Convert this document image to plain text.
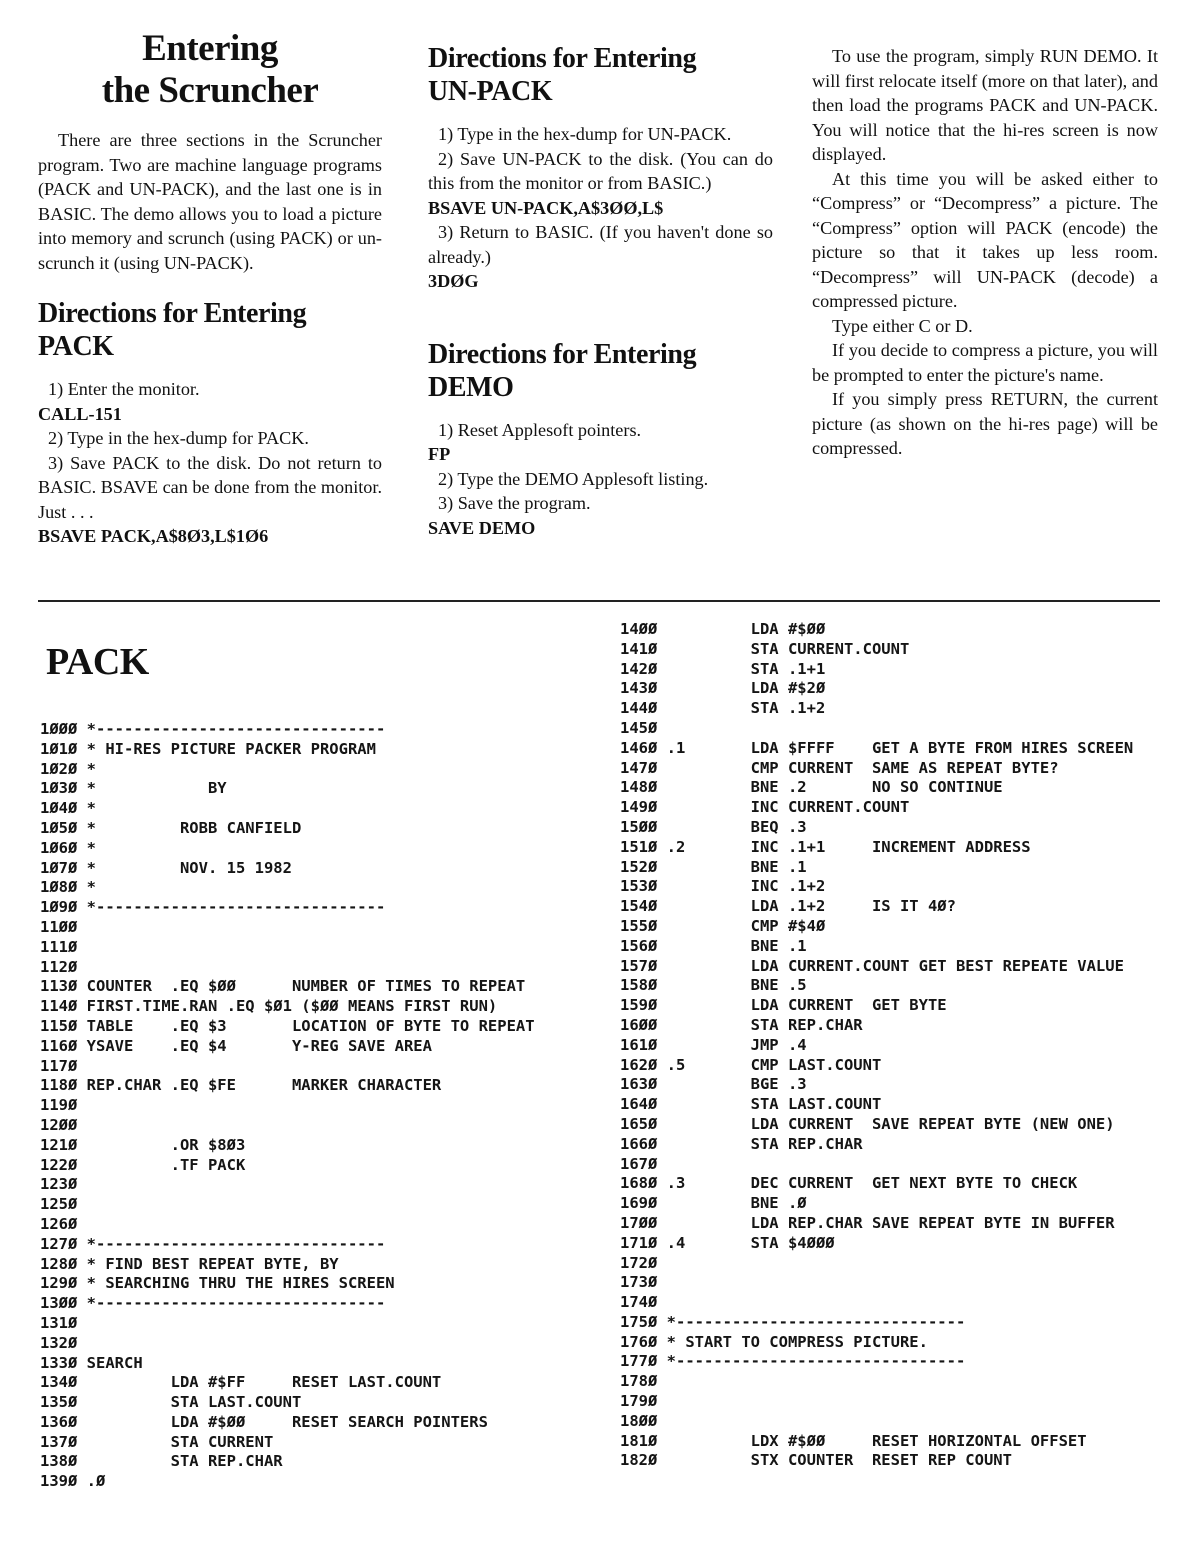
Entering
the Scruncher

There are three sections in the Scruncher program. Two are machine language programs (PACK and UN-PACK), and the last one is in BASIC. The demo allows you to load a picture into memory and scrunch (using PACK) or un-scrunch it (using UN-PACK).

Directions for Entering
PACK

1) Enter the monitor.

CALL-151

2) Type in the hex-dump for PACK.

3) Save PACK to the disk. Do not return to BASIC. BSAVE can be done from the monitor. Just . . .

BSAVE PACK,A$8Ø3,L$1Ø6
Directions for Entering
UN-PACK

1) Type in the hex-dump for UN-PACK.

2) Save UN-PACK to the disk. (You can do this from the monitor or from BASIC.)

BSAVE UN-PACK,A$3ØØ,L$

3) Return to BASIC. (If you haven't done so already.)

3DØG
Directions for Entering
DEMO

1) Reset Applesoft pointers.

FP

2) Type the DEMO Applesoft listing.

3) Save the program.

SAVE DEMO

To use the program, simply RUN DEMO. It will first relocate itself (more on that later), and then load the programs PACK and UN-PACK. You will notice that the hi-res screen is now displayed.

At this time you will be asked either to “Compress” or “Decompress” a picture. The “Compress” option will PACK (encode) the picture so that it takes up less room. “Decompress” will UN-PACK (decode) a compressed picture.

Type either C or D.

If you decide to compress a picture, you will be prompted to enter the picture's name.

If you simply press RETURN, the current picture (as shown on the hi-res page) will be compressed.

PACK
1ØØØ *-------------------------------
1Ø1Ø * HI-RES PICTURE PACKER PROGRAM
1Ø2Ø *
1Ø3Ø *            BY
1Ø4Ø *
1Ø5Ø *         ROBB CANFIELD
1Ø6Ø *
1Ø7Ø *         NOV. 15 1982
1Ø8Ø *
1Ø9Ø *-------------------------------
11ØØ
111Ø
112Ø
113Ø COUNTER  .EQ $ØØ      NUMBER OF TIMES TO REPEAT
114Ø FIRST.TIME.RAN .EQ $Ø1 ($ØØ MEANS FIRST RUN)
115Ø TABLE    .EQ $3       LOCATION OF BYTE TO REPEAT
116Ø YSAVE    .EQ $4       Y-REG SAVE AREA
117Ø
118Ø REP.CHAR .EQ $FE      MARKER CHARACTER
119Ø
12ØØ
121Ø          .OR $8Ø3
122Ø          .TF PACK
123Ø
125Ø
126Ø
127Ø *-------------------------------
128Ø * FIND BEST REPEAT BYTE, BY
129Ø * SEARCHING THRU THE HIRES SCREEN
13ØØ *-------------------------------
131Ø
132Ø
133Ø SEARCH
134Ø          LDA #$FF     RESET LAST.COUNT
135Ø          STA LAST.COUNT
136Ø          LDA #$ØØ     RESET SEARCH POINTERS
137Ø          STA CURRENT
138Ø          STA REP.CHAR
139Ø .Ø
14ØØ          LDA #$ØØ
141Ø          STA CURRENT.COUNT
142Ø          STA .1+1
143Ø          LDA #$2Ø
144Ø          STA .1+2
145Ø
146Ø .1       LDA $FFFF    GET A BYTE FROM HIRES SCREEN
147Ø          CMP CURRENT  SAME AS REPEAT BYTE?
148Ø          BNE .2       NO SO CONTINUE
149Ø          INC CURRENT.COUNT
15ØØ          BEQ .3
151Ø .2       INC .1+1     INCREMENT ADDRESS
152Ø          BNE .1
153Ø          INC .1+2
154Ø          LDA .1+2     IS IT 4Ø?
155Ø          CMP #$4Ø
156Ø          BNE .1
157Ø          LDA CURRENT.COUNT GET BEST REPEATE VALUE
158Ø          BNE .5
159Ø          LDA CURRENT  GET BYTE
16ØØ          STA REP.CHAR
161Ø          JMP .4
162Ø .5       CMP LAST.COUNT
163Ø          BGE .3
164Ø          STA LAST.COUNT
165Ø          LDA CURRENT  SAVE REPEAT BYTE (NEW ONE)
166Ø          STA REP.CHAR
167Ø
168Ø .3       DEC CURRENT  GET NEXT BYTE TO CHECK
169Ø          BNE .Ø
17ØØ          LDA REP.CHAR SAVE REPEAT BYTE IN BUFFER
171Ø .4       STA $4ØØØ
172Ø
173Ø
174Ø
175Ø *-------------------------------
176Ø * START TO COMPRESS PICTURE.
177Ø *-------------------------------
178Ø
179Ø
18ØØ
181Ø          LDX #$ØØ     RESET HORIZONTAL OFFSET
182Ø          STX COUNTER  RESET REP COUNT
